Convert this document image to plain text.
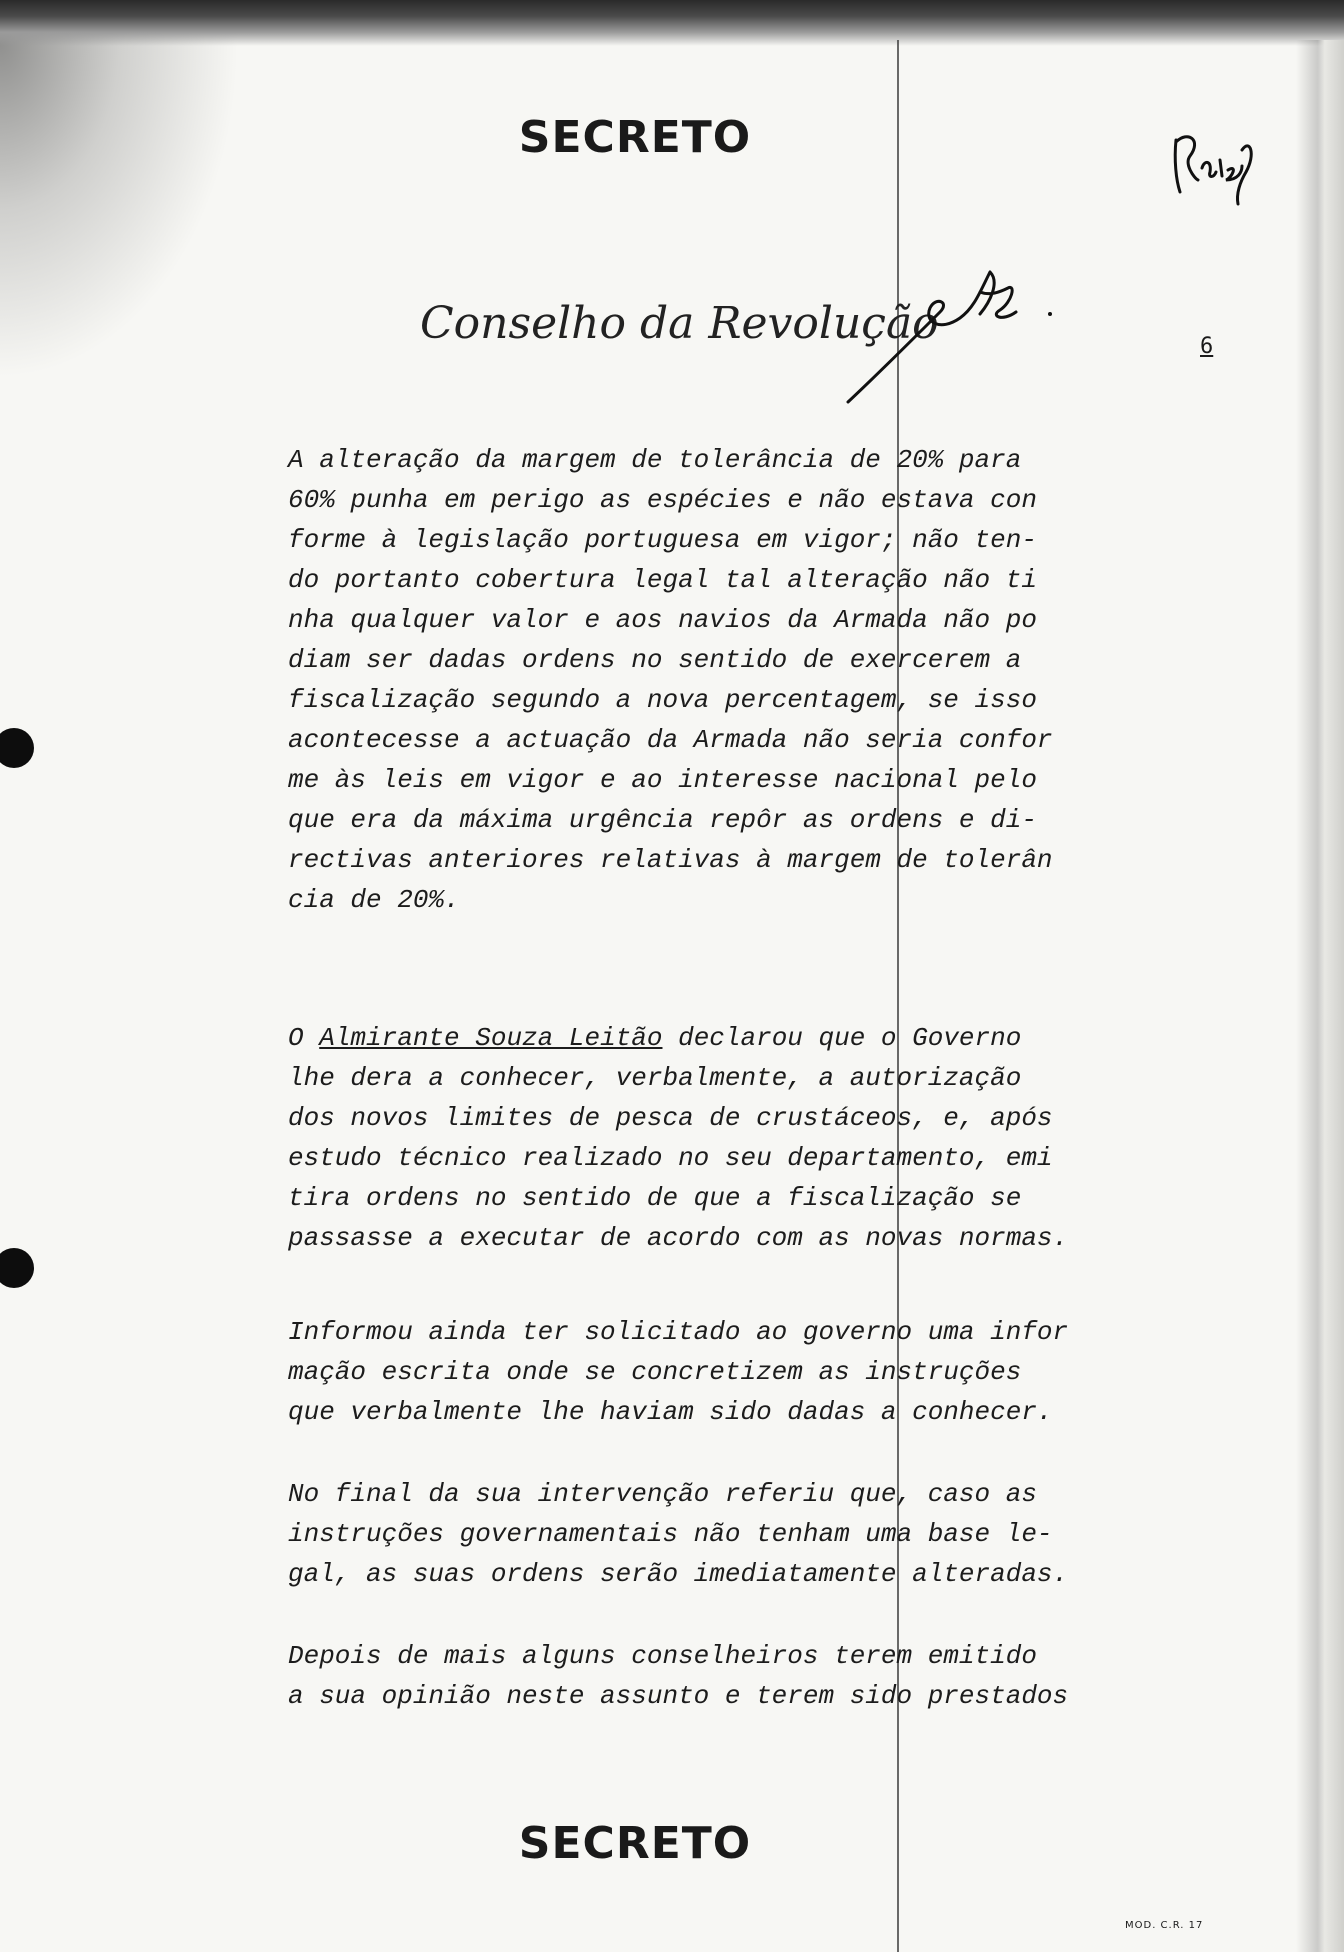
SECRETO
Conselho da Revolução	6
A alteração da margem de tolerância de 20% para
60% punha em perigo as espécies e não estava con
forme à legislação portuguesa em vigor; não ten-
do portanto cobertura legal tal alteração não ti
nha qualquer valor e aos navios da Armada não po
diam ser dadas ordens no sentido de exercerem a
fiscalização segundo a nova percentagem, se isso
acontecesse a actuação da Armada não seria confor
me às leis em vigor e ao interesse nacional pelo
que era da máxima urgência repôr as ordens e di-
rectivas anteriores relativas à margem de tolerân
cia de 20%.
O Almirante Souza Leitão declarou que o Governo
lhe dera a conhecer, verbalmente, a autorização
dos novos limites de pesca de crustáceos, e, após
estudo técnico realizado no seu departamento, emi
tira ordens no sentido de que a fiscalização se
passasse a executar de acordo com as novas normas.
Informou ainda ter solicitado ao governo uma infor
mação escrita onde se concretizem as instruções
que verbalmente lhe haviam sido dadas a conhecer.
No final da sua intervenção referiu que, caso as
instruções governamentais não tenham uma base le-
gal, as suas ordens serão imediatamente alteradas.
Depois de mais alguns conselheiros terem emitido
a sua opinião neste assunto e terem sido prestados
SECRETO
MOD. C.R. 17
